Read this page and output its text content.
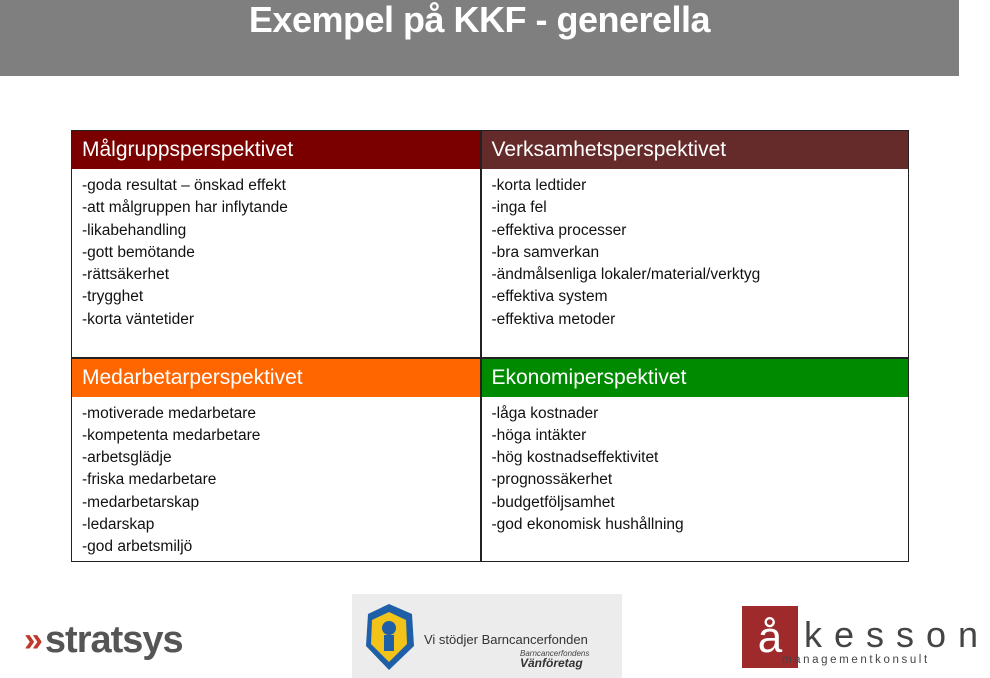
Exempel på KKF - generella
Målgruppsperspektivet
-goda resultat – önskad effekt
-att målgruppen har inflytande
-likabehandling
-gott bemötande
-rättsäkerhet
-trygghet
-korta väntetider
Verksamhetsperspektivet
-korta ledtider
-inga fel
-effektiva processer
-bra samverkan
-ändmålsenliga lokaler/material/verktyg
-effektiva system
-effektiva metoder
Medarbetarperspektivet
-motiverade medarbetare
-kompetenta medarbetare
-arbetsglädje
-friska medarbetare
-medarbetarskap
-ledarskap
-god arbetsmiljö
Ekonomiperspektivet
-låga kostnader
-höga intäkter
-hög kostnadseffektivitet
-prognossäkerhet
-budgetföljsamhet
-god ekonomisk hushållning
» stratsys	Vi stödjer Barncancerfonden
Barncancerfondens
Vänföretag
å kesson
managementkonsult
